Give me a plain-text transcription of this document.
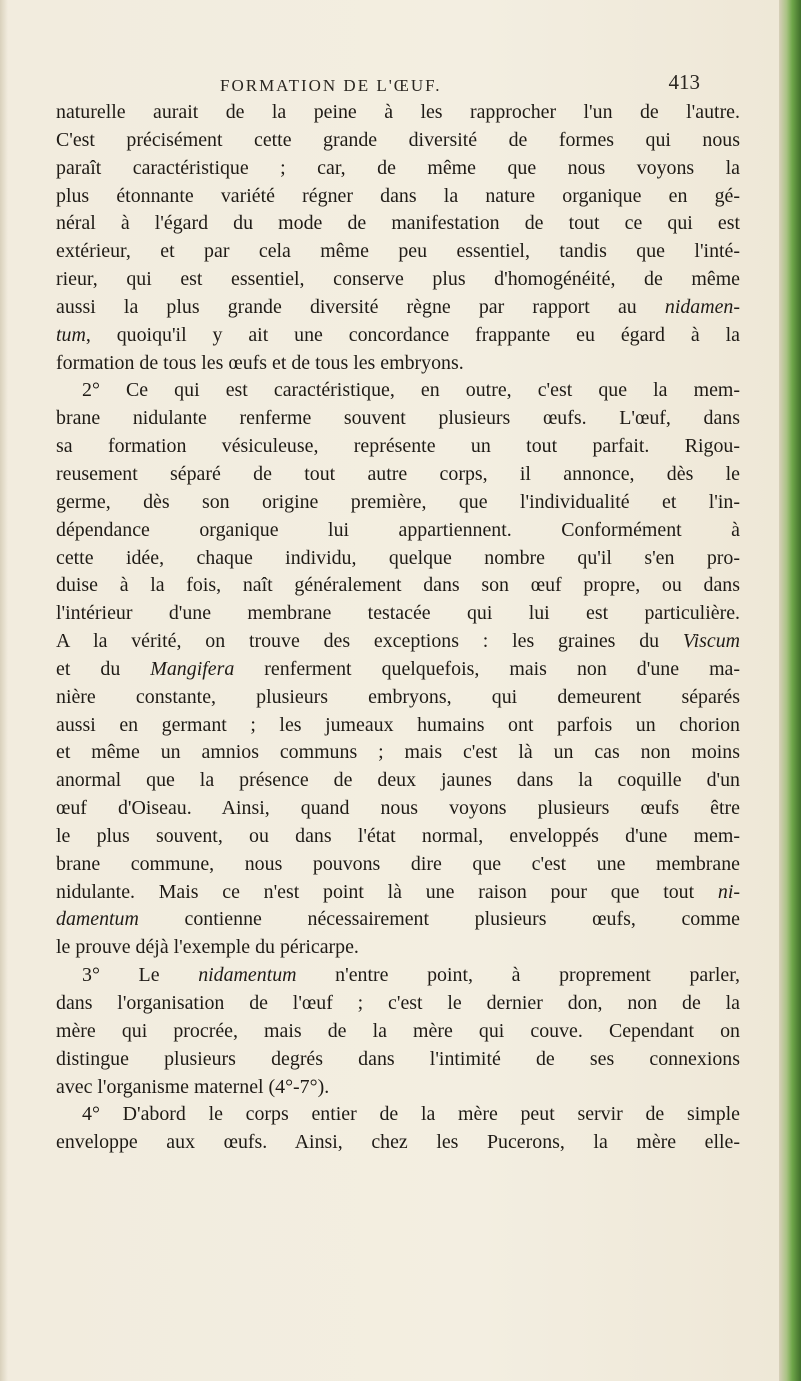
FORMATION DE L'ŒUF.	413
naturelle aurait de la peine à les rapprocher l'un de l'autre.
C'est précisément cette grande diversité de formes qui nous
paraît caractéristique ; car, de même que nous voyons la
plus étonnante variété régner dans la nature organique en gé-
néral à l'égard du mode de manifestation de tout ce qui est
extérieur, et par cela même peu essentiel, tandis que l'inté-
rieur, qui est essentiel, conserve plus d'homogénéité, de même
aussi la plus grande diversité règne par rapport au nidamen-
tum, quoiqu'il y ait une concordance frappante eu égard à la
formation de tous les œufs et de tous les embryons.
2° Ce qui est caractéristique, en outre, c'est que la mem-
brane nidulante renferme souvent plusieurs œufs. L'œuf, dans
sa formation vésiculeuse, représente un tout parfait. Rigou-
reusement séparé de tout autre corps, il annonce, dès le
germe, dès son origine première, que l'individualité et l'in-
dépendance organique lui appartiennent. Conformément à
cette idée, chaque individu, quelque nombre qu'il s'en pro-
duise à la fois, naît généralement dans son œuf propre, ou dans
l'intérieur d'une membrane testacée qui lui est particulière.
A la vérité, on trouve des exceptions : les graines du Viscum
et du Mangifera renferment quelquefois, mais non d'une ma-
nière constante, plusieurs embryons, qui demeurent séparés
aussi en germant ; les jumeaux humains ont parfois un chorion
et même un amnios communs ; mais c'est là un cas non moins
anormal que la présence de deux jaunes dans la coquille d'un
œuf d'Oiseau. Ainsi, quand nous voyons plusieurs œufs être
le plus souvent, ou dans l'état normal, enveloppés d'une mem-
brane commune, nous pouvons dire que c'est une membrane
nidulante. Mais ce n'est point là une raison pour que tout ni-
damentum contienne nécessairement plusieurs œufs, comme
le prouve déjà l'exemple du péricarpe.
3° Le nidamentum n'entre point, à proprement parler,
dans l'organisation de l'œuf ; c'est le dernier don, non de la
mère qui procrée, mais de la mère qui couve. Cependant on
distingue plusieurs degrés dans l'intimité de ses connexions
avec l'organisme maternel (4°-7°).
4° D'abord le corps entier de la mère peut servir de simple
enveloppe aux œufs. Ainsi, chez les Pucerons, la mère elle-
